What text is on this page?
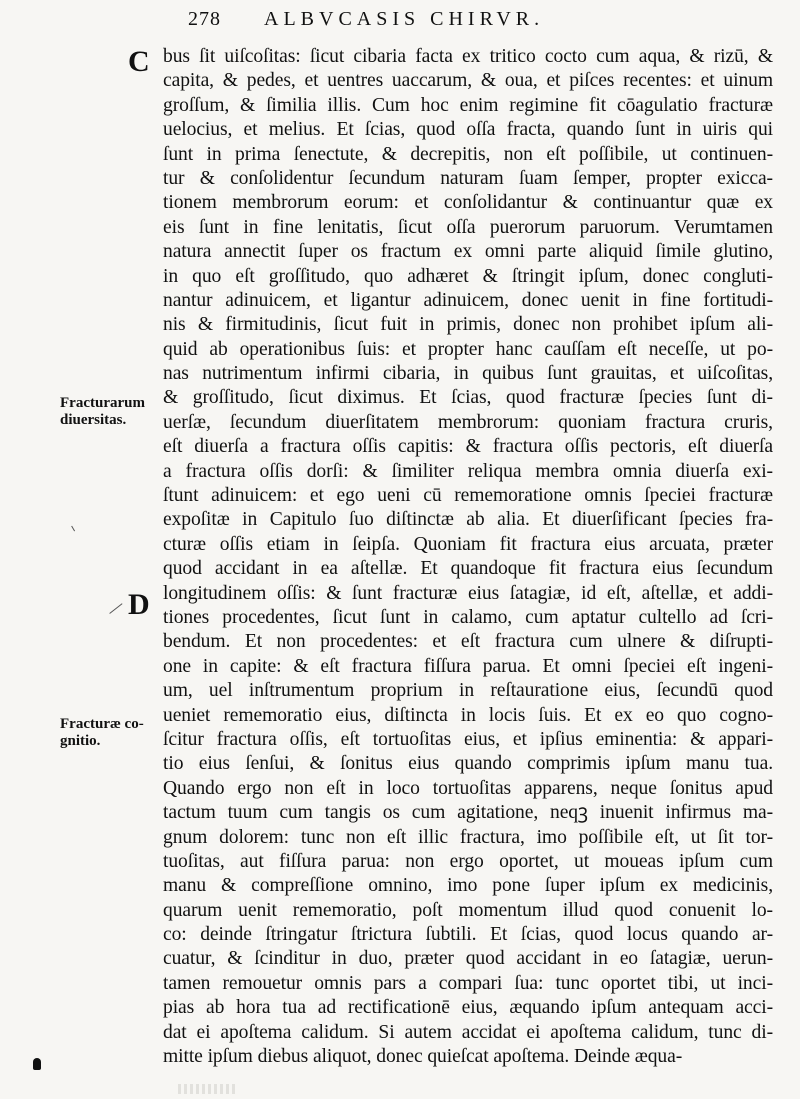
278 ALBVCASIS CHIRVR.
C
D
Fracturarum
diuersitas.
Fracturæ co-
gnitio.
bus ſit uiſcoſitas: ſicut cibaria facta ex tritico cocto cum aqua, & rizū, &
capita, & pedes, et uentres uaccarum, & oua, et piſces recentes: et uinum
groſſum, & ſimilia illis. Cum hoc enim regimine fit cōagulatio fracturæ
uelocius, et melius. Et ſcias, quod oſſa fracta, quando ſunt in uiris qui
ſunt in prima ſenectute, & decrepitis, non eſt poſſibile, ut continuen-
tur & conſolidentur ſecundum naturam ſuam ſemper, propter exicca-
tionem membrorum eorum: et conſolidantur & continuantur quæ ex
eis ſunt in fine lenitatis, ſicut oſſa puerorum paruorum. Verumtamen
natura annectit ſuper os fractum ex omni parte aliquid ſimile glutino,
in quo eſt groſſitudo, quo adhæret & ſtringit ipſum, donec congluti-
nantur adinuicem, et ligantur adinuicem, donec uenit in fine fortitudi-
nis & firmitudinis, ſicut fuit in primis, donec non prohibet ipſum ali-
quid ab operationibus ſuis: et propter hanc cauſſam eſt neceſſe, ut po-
nas nutrimentum infirmi cibaria, in quibus ſunt grauitas, et uiſcoſitas,
& groſſitudo, ſicut diximus. Et ſcias, quod fracturæ ſpecies ſunt di-
uerſæ, ſecundum diuerſitatem membrorum: quoniam fractura cruris,
eſt diuerſa a fractura oſſis capitis: & fractura oſſis pectoris, eſt diuerſa
a fractura oſſis dorſi: & ſimiliter reliqua membra omnia diuerſa exi-
ſtunt adinuicem: et ego ueni cū rememoratione omnis ſpeciei fracturæ
expoſitæ in Capitulo ſuo diſtinctæ ab alia. Et diuerſificant ſpecies fra-
cturæ oſſis etiam in ſeipſa. Quoniam fit fractura eius arcuata, præter
quod accidant in ea aſtellæ. Et quandoque fit fractura eius ſecundum
longitudinem oſſis: & ſunt fracturæ eius ſatagiæ, id eſt, aſtellæ, et addi-
tiones procedentes, ſicut ſunt in calamo, cum aptatur cultello ad ſcri-
bendum. Et non procedentes: et eſt fractura cum ulnere & diſrupti-
one in capite: & eſt fractura fiſſura parua. Et omni ſpeciei eſt ingeni-
um, uel inſtrumentum proprium in reſtauratione eius, ſecundū quod
ueniet rememoratio eius, diſtincta in locis ſuis. Et ex eo quo cogno-
ſcitur fractura oſſis, eſt tortuoſitas eius, et ipſius eminentia: & appari-
tio eius ſenſui, & ſonitus eius quando comprimis ipſum manu tua.
Quando ergo non eſt in loco tortuoſitas apparens, neque ſonitus apud
tactum tuum cum tangis os cum agitatione, neqꝫ inuenit infirmus ma-
gnum dolorem: tunc non eſt illic fractura, imo poſſibile eſt, ut ſit tor-
tuoſitas, aut fiſſura parua: non ergo oportet, ut moueas ipſum cum
manu & compreſſione omnino, imo pone ſuper ipſum ex medicinis,
quarum uenit rememoratio, poſt momentum illud quod conuenit lo-
co: deinde ſtringatur ſtrictura ſubtili. Et ſcias, quod locus quando ar-
cuatur, & ſcinditur in duo, præter quod accidant in eo ſatagiæ, uerun-
tamen remouetur omnis pars a compari ſua: tunc oportet tibi, ut inci-
pias ab hora tua ad rectificationē eius, æquando ipſum antequam acci-
dat ei apoſtema calidum. Si autem accidat ei apoſtema calidum, tunc di-
mitte ipſum diebus aliquot, donec quieſcat apoſtema. Deinde æqua-
